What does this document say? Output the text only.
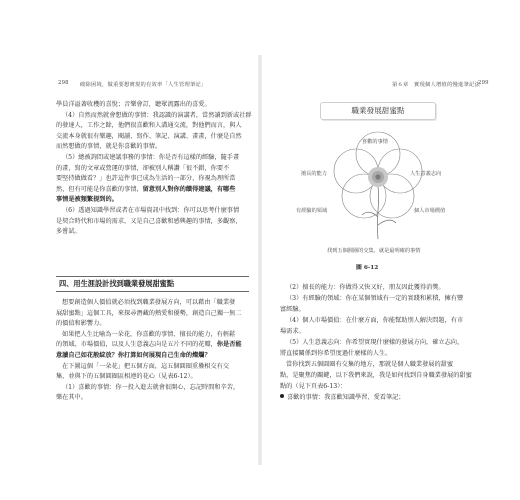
298 破除困境，做重要想實現的有效率「人生管理筆記」	第６章　實現個人增值的慢進筆記法
299
學員洋溢著收穫的喜悅；音樂會訂，聽眾流露出的喜愛。
（4）自然而然就會想做的事情：我認識的演講者，當然讀到新或社群
的發達人，工作之餘，他們很喜歡和人溝通交流，對他們而言，與人
交流本身就很有樂趣，閱讀、寫作、筆記、演講、畫畫，什麼是自然
而然想做的事情，就是你喜歡的事情。
（5）總被詢問或建議事務的事情：你是否有這樣的經驗，隨手畫
的畫，寫的文章或營運的事情，卻被別人稱讚「很不錯，你要不
要堅持做做看？」也許這件事已成為生活的一部分，你視為理所當
然，但有可能是你喜歡的事情，留意別人對你的饋得建議，有哪些
事情是被頻繁提到的。
（6）透過知識學習或者在市場資訊中找到：你可以思考什麼事情
是契合時代和市場的需求，又是自己喜歡和感興趣的事情，多觀察，
多嘗試。
四、用生涯設計找到職業發展甜蜜點
想要創造個人價值就必須找到職業發展方向，可以藉由「職業發
展甜蜜點」這個工具，來探尋潛藏的熱愛和優勢，創造自己獨一無二
的價值和影響力。
如果把人生比喻為一朵花，你喜歡的事情、擅長的能力，有輕鬆
的領域、市場價值，以及人生意義志向是五片不同的花瓣，你是否能
意讀自己如花般綻放？你打算如何展現自己生命的燦爛？
在下圖這個「一朵花」把五個方面，這五個圓圈重疊相交有交
集，並與下的五個圓圈區相連的花心（見表6-12）。
（1）喜歡的事情：你一投入進去就會很開心，忘記時間和辛苦，
樂在其中。
職業發展甜蜜點
喜歡的事情
擅長的能力	人生意義志向
有經驗的領域	個人市場價值
找到五個圓圈的交集，就是最明確的事情
圖 6-12
（2）擅長的能力：你做得又快又好，朋友因此獲得消獎。
（3）有經驗的領域：你在某個領域有一定的實踐和累積，擁有豐
富經驗。
（4）個人市場價值：在什麼方面，你能幫助別人解決問題，有市
場需求。
（5）人生意義志向：你希望實現什麼樣的發展方向，確立志向，
將直接關係到你希望度過什麼樣的人生。
當你找到五個圓圈有交集的地方，那就是個人職業發展的甜蜜
點，是聚焦的關鍵，以下我們來說，我是如何找到自身職業發展的甜蜜
點的（見下頁表6-13）：
喜歡的事情：我喜歡知識學習、愛看筆記；
